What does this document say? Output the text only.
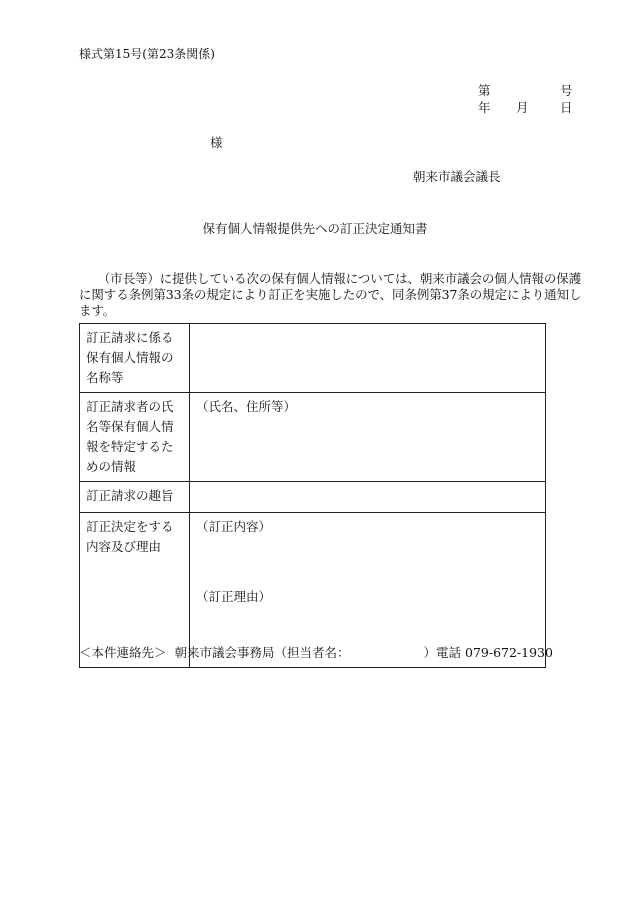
様式第15号(第23条関係)
第	号
年 月	日
様
朝来市議会議長
保有個人情報提供先への訂正決定通知書
（市長等）に提供している次の保有個人情報については、朝来市議会の個人情報の保護に関する条例第33条の規定により訂正を実施したので、同条例第37条の規定により通知します。
訂正請求に係る保有個人情報の名称等	
訂正請求者の氏名等保有個人情報を特定するための情報	（氏名、住所等）
訂正請求の趣旨	
訂正決定をする内容及び理由	（訂正内容）
（訂正理由）
＜本件連絡先＞ 朝来市議会事務局（担当者名：	）電話 079-672-1930
